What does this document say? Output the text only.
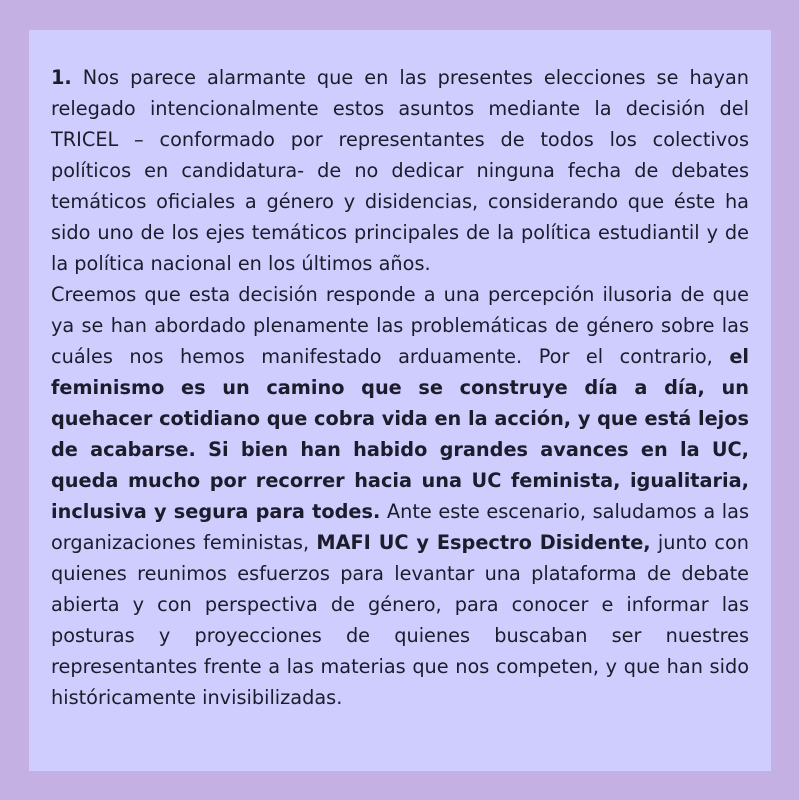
1. Nos parece alarmante que en las presentes elecciones se hayan relegado intencionalmente estos asuntos mediante la decisión del TRICEL – conformado por representantes de todos los colectivos políticos en candidatura- de no dedicar ninguna fecha de debates temáticos oficiales a género y disidencias, considerando que éste ha sido uno de los ejes temáticos principales de la política estudiantil y de la política nacional en los últimos años.

Creemos que esta decisión responde a una percepción ilusoria de que ya se han abordado plenamente las problemáticas de género sobre las cuáles nos hemos manifestado arduamente. Por el contrario, el feminismo es un camino que se construye día a día, un quehacer cotidiano que cobra vida en la acción, y que está lejos de acabarse. Si bien han habido grandes avances en la UC, queda mucho por recorrer hacia una UC feminista, igualitaria, inclusiva y segura para todes. Ante este escenario, saludamos a las organizaciones feministas, MAFI UC y Espectro Disidente, junto con quienes reunimos esfuerzos para levantar una plataforma de debate abierta y con perspectiva de género, para conocer e informar las posturas y proyecciones de quienes buscaban ser nuestres representantes frente a las materias que nos competen, y que han sido históricamente invisibilizadas.
